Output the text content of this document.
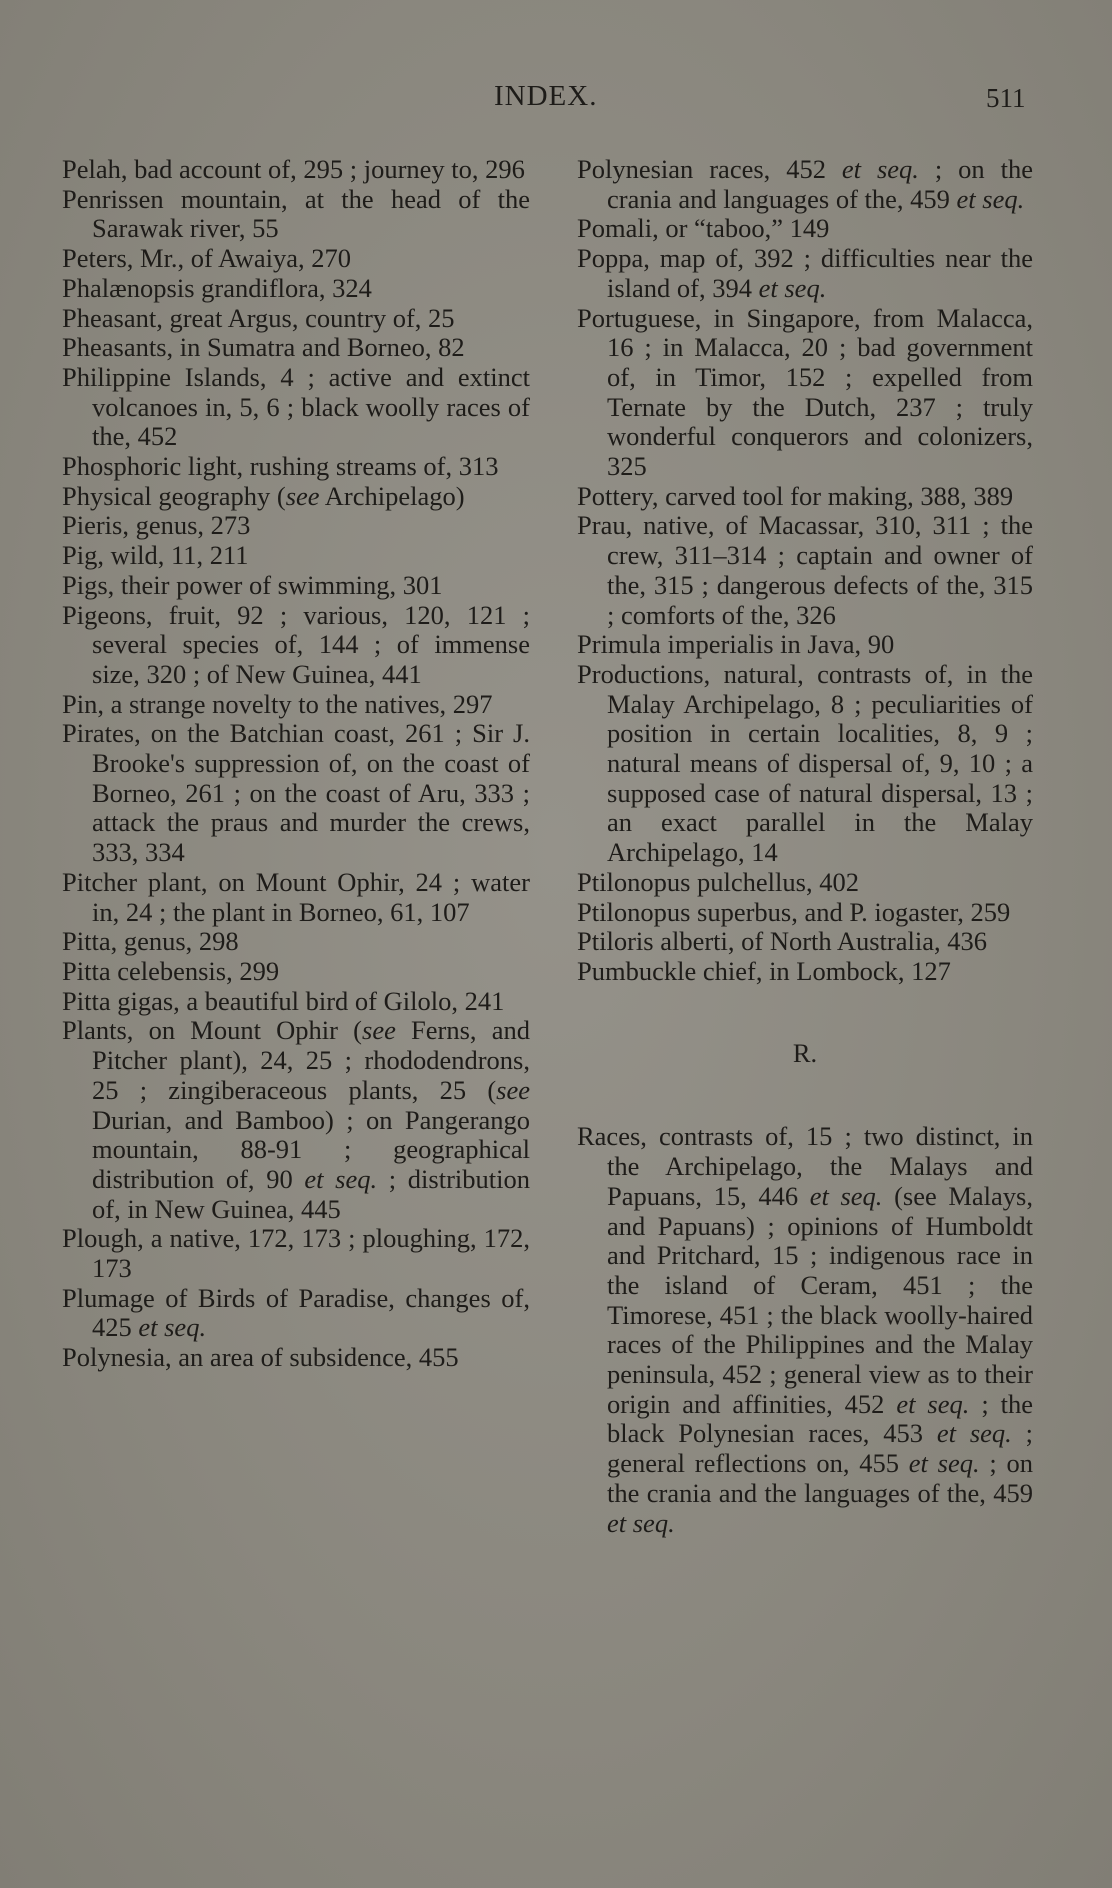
INDEX.	511

Pelah, bad account of, 295 ; journey to, 296

Penrissen mountain, at the head of the Sarawak river, 55

Peters, Mr., of Awaiya, 270

Phalænopsis grandiflora, 324

Pheasant, great Argus, country of, 25

Pheasants, in Sumatra and Borneo, 82

Philippine Islands, 4 ; active and extinct volcanoes in, 5, 6 ; black woolly races of the, 452

Phosphoric light, rushing streams of, 313

Physical geography (see Archipelago)

Pieris, genus, 273

Pig, wild, 11, 211

Pigs, their power of swimming, 301

Pigeons, fruit, 92 ; various, 120, 121 ; several species of, 144 ; of immense size, 320 ; of New Guinea, 441

Pin, a strange novelty to the natives, 297

Pirates, on the Batchian coast, 261 ; Sir J. Brooke's suppression of, on the coast of Borneo, 261 ; on the coast of Aru, 333 ; attack the praus and murder the crews, 333, 334

Pitcher plant, on Mount Ophir, 24 ; water in, 24 ; the plant in Borneo, 61, 107

Pitta, genus, 298

Pitta celebensis, 299

Pitta gigas, a beautiful bird of Gilolo, 241

Plants, on Mount Ophir (see Ferns, and Pitcher plant), 24, 25 ; rhododendrons, 25 ; zingiberaceous plants, 25 (see Durian, and Bamboo) ; on Pangerango mountain, 88-91 ; geographical distribution of, 90 et seq. ; distribution of, in New Guinea, 445

Plough, a native, 172, 173 ; ploughing, 172, 173

Plumage of Birds of Paradise, changes of, 425 et seq.

Polynesia, an area of subsidence, 455

Polynesian races, 452 et seq. ; on the crania and languages of the, 459 et seq.

Pomali, or “taboo,” 149

Poppa, map of, 392 ; difficulties near the island of, 394 et seq.

Portuguese, in Singapore, from Malacca, 16 ; in Malacca, 20 ; bad government of, in Timor, 152 ; expelled from Ternate by the Dutch, 237 ; truly wonderful conquerors and colonizers, 325

Pottery, carved tool for making, 388, 389

Prau, native, of Macassar, 310, 311 ; the crew, 311–314 ; captain and owner of the, 315 ; dangerous defects of the, 315 ; comforts of the, 326

Primula imperialis in Java, 90

Productions, natural, contrasts of, in the Malay Archipelago, 8 ; peculiarities of position in certain localities, 8, 9 ; natural means of dispersal of, 9, 10 ; a supposed case of natural dispersal, 13 ; an exact parallel in the Malay Archipelago, 14

Ptilonopus pulchellus, 402

Ptilonopus superbus, and P. iogaster, 259

Ptiloris alberti, of North Australia, 436

Pumbuckle chief, in Lombock, 127

R.

Races, contrasts of, 15 ; two distinct, in the Archipelago, the Malays and Papuans, 15, 446 et seq. (see Malays, and Papuans) ; opinions of Humboldt and Pritchard, 15 ; indigenous race in the island of Ceram, 451 ; the Timorese, 451 ; the black woolly-haired races of the Philippines and the Malay peninsula, 452 ; general view as to their origin and affinities, 452 et seq. ; the black Polynesian races, 453 et seq. ; general reflections on, 455 et seq. ; on the crania and the languages of the, 459 et seq.
